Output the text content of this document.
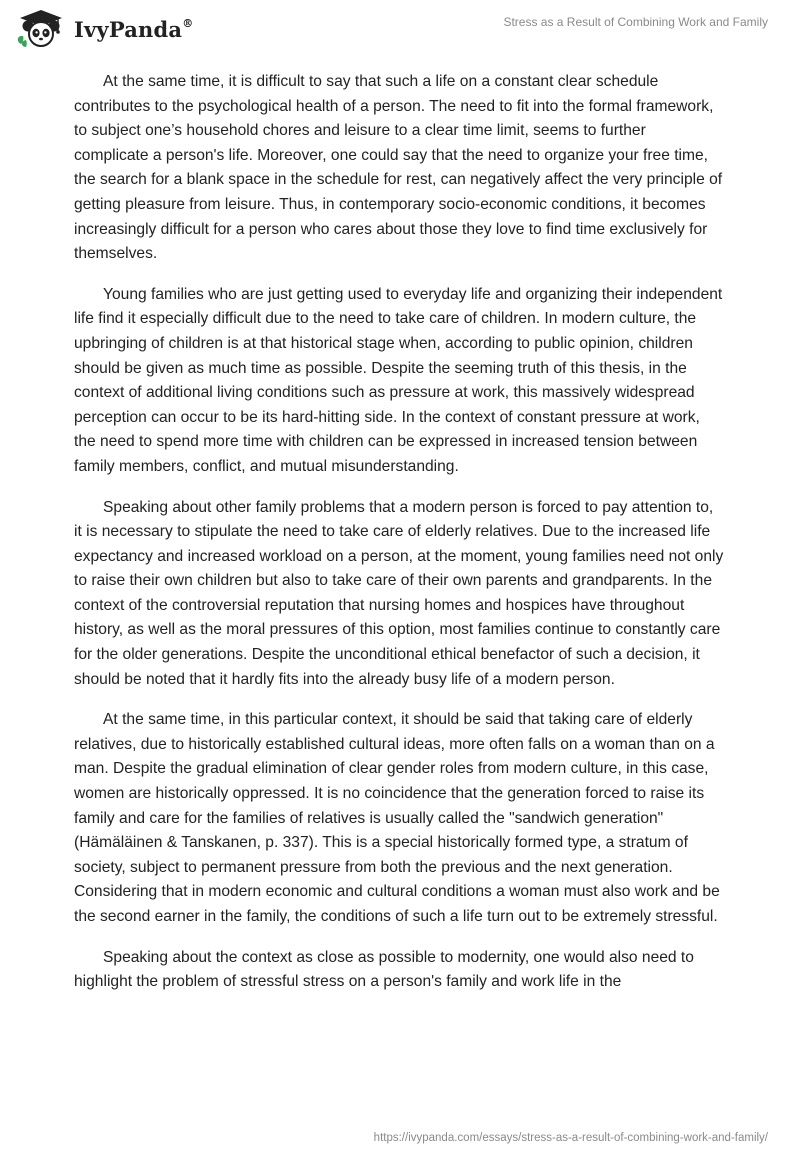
IvyPanda®	Stress as a Result of Combining Work and Family

At the same time, it is difficult to say that such a life on a constant clear schedule contributes to the psychological health of a person. The need to fit into the formal framework, to subject one’s household chores and leisure to a clear time limit, seems to further complicate a person's life. Moreover, one could say that the need to organize your free time, the search for a blank space in the schedule for rest, can negatively affect the very principle of getting pleasure from leisure. Thus, in contemporary socio-economic conditions, it becomes increasingly difficult for a person who cares about those they love to find time exclusively for themselves.

Young families who are just getting used to everyday life and organizing their independent life find it especially difficult due to the need to take care of children. In modern culture, the upbringing of children is at that historical stage when, according to public opinion, children should be given as much time as possible. Despite the seeming truth of this thesis, in the context of additional living conditions such as pressure at work, this massively widespread perception can occur to be its hard-hitting side. In the context of constant pressure at work, the need to spend more time with children can be expressed in increased tension between family members, conflict, and mutual misunderstanding.

Speaking about other family problems that a modern person is forced to pay attention to, it is necessary to stipulate the need to take care of elderly relatives. Due to the increased life expectancy and increased workload on a person, at the moment, young families need not only to raise their own children but also to take care of their own parents and grandparents. In the context of the controversial reputation that nursing homes and hospices have throughout history, as well as the moral pressures of this option, most families continue to constantly care for the older generations. Despite the unconditional ethical benefactor of such a decision, it should be noted that it hardly fits into the already busy life of a modern person.

At the same time, in this particular context, it should be said that taking care of elderly relatives, due to historically established cultural ideas, more often falls on a woman than on a man. Despite the gradual elimination of clear gender roles from modern culture, in this case, women are historically oppressed. It is no coincidence that the generation forced to raise its family and care for the families of relatives is usually called the "sandwich generation" (Hämäläinen & Tanskanen, p. 337). This is a special historically formed type, a stratum of society, subject to permanent pressure from both the previous and the next generation. Considering that in modern economic and cultural conditions a woman must also work and be the second earner in the family, the conditions of such a life turn out to be extremely stressful.

Speaking about the context as close as possible to modernity, one would also need to highlight the problem of stressful stress on a person's family and work life in the

https://ivypanda.com/essays/stress-as-a-result-of-combining-work-and-family/
